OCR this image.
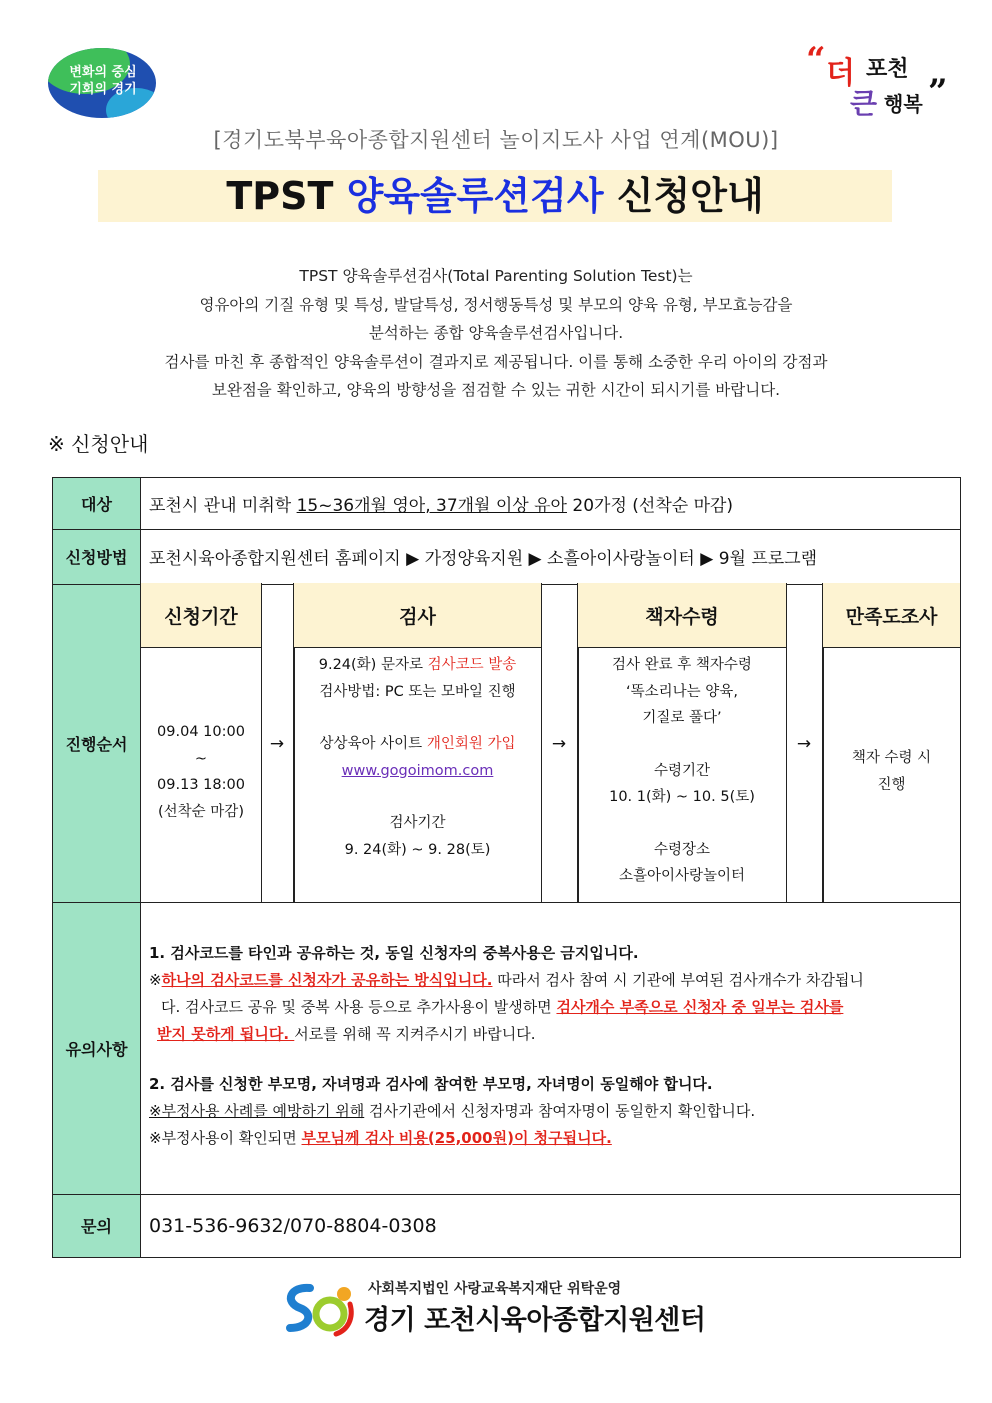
변화의 중심
기회의 경기
“ 더 포천
큰 행복 ”
[경기도북부육아종합지원센터 놀이지도사 사업 연계(MOU)]
TPST 양육솔루션검사 신청안내
TPST 양육솔루션검사(Total Parenting Solution Test)는
영유아의 기질 유형 및 특성, 발달특성, 정서행동특성 및 부모의 양육 유형, 부모효능감을
분석하는 종합 양육솔루션검사입니다.
검사를 마친 후 종합적인 양육솔루션이 결과지로 제공됩니다. 이를 통해 소중한 우리 아이의 강점과
보완점을 확인하고, 양육의 방향성을 점검할 수 있는 귀한 시간이 되시기를 바랍니다.
※ 신청안내
대상
신청방법
진행순서
유의사항
문의
포천시 관내 미취학 15~36개월 영아, 37개월 이상 유아 20가정 (선착순 마감)
포천시육아종합지원센터 홈페이지 ▶ 가정양육지원 ▶ 소흘아이사랑놀이터 ▶ 9월 프로그램
신청기간
09.04 10:00
~
09.13 18:00
(선착순 마감)
→
검사
9.24(화) 문자로 검사코드 발송
검사방법: PC 또는 모바일 진행
상상육아 사이트 개인회원 가입
www.gogoimom.com
검사기간
9. 24(화) ~ 9. 28(토)
→
책자수령
검사 완료 후 책자수령
‘똑소리나는 양육,
기질로 풀다’
수령기간
10. 1(화) ~ 10. 5(토)
수령장소
소흘아이사랑놀이터
→
만족도조사
책자 수령 시
진행
1. 검사코드를 타인과 공유하는 것, 동일 신청자의 중복사용은 금지입니다.
※하나의 검사코드를 신청자가 공유하는 방식입니다. 따라서 검사 참여 시 기관에 부여된 검사개수가 차감됩니
다. 검사코드 공유 및 중복 사용 등으로 추가사용이 발생하면 검사개수 부족으로 신청자 중 일부는 검사를
받지 못하게 됩니다. 서로를 위해 꼭 지켜주시기 바랍니다.
2. 검사를 신청한 부모명, 자녀명과 검사에 참여한 부모명, 자녀명이 동일해야 합니다.
※부정사용 사례를 예방하기 위해 검사기관에서 신청자명과 참여자명이 동일한지 확인합니다.
※부정사용이 확인되면 부모님께 검사 비용(25,000원)이 청구됩니다.
031-536-9632/070-8804-0308
사회복지법인 사랑교육복지재단 위탁운영
경기 포천시육아종합지원센터
